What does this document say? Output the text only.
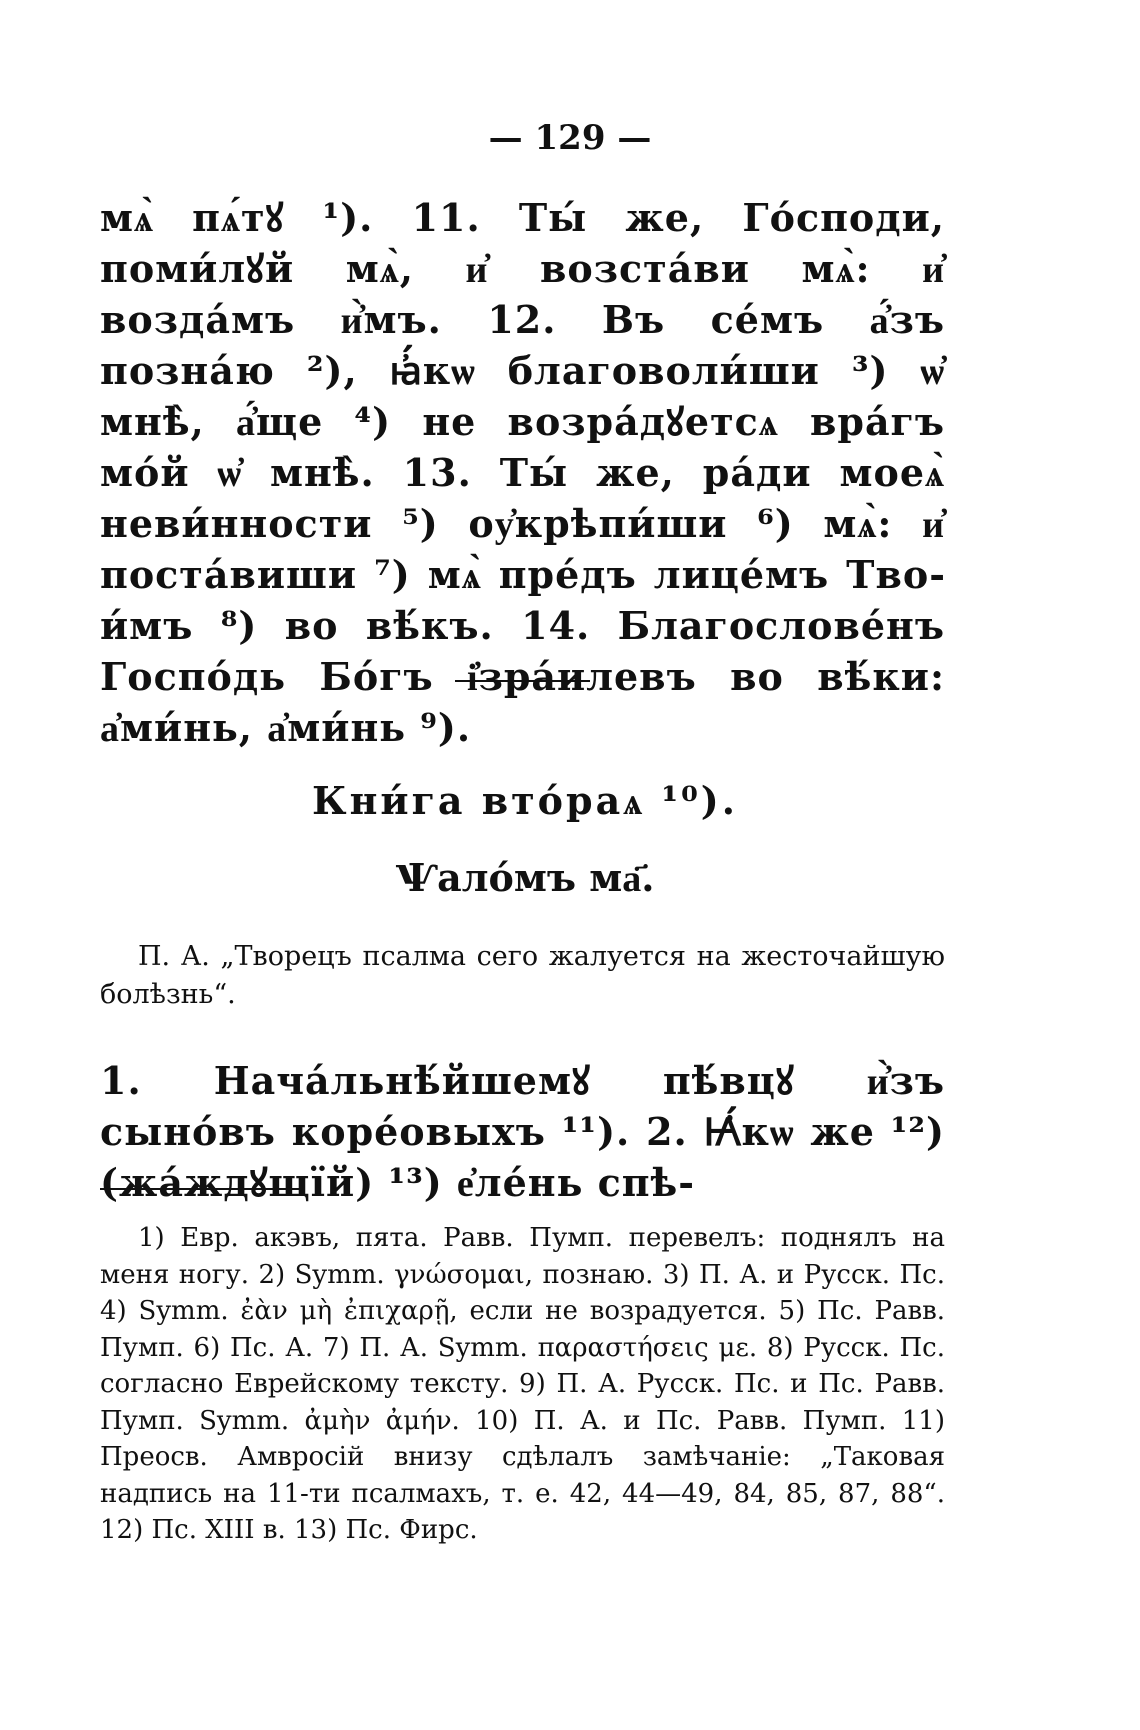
— 129 —
мѧ̀ пѧ́тꙋ ¹). 11. Ты́ же, Го́споди, поми́лꙋй мѧ̀, и҆ возста́ви мѧ̀: и҆ возда́мъ и҆̀мъ. 12. Въ се́мъ а҆́зъ позна́ю ²), ꙗ҆́кѡ благоволи́ши ³) ѡ҆ мнѣ̀, а҆́ще ⁴) не возра́дꙋетсѧ вра́гъ мо́й ѡ҆ мнѣ̀. 13. Ты́ же, ра́ди моеѧ̀ неви́нности ⁵) оу҆крѣпи́ши ⁶) мѧ̀: и҆ поста́виши ⁷) мѧ̀ пре́дъ лице́мъ Твои́мъ ⁸) во вѣ́къ. 14. Благослове́нъ Госпо́дь Бо́гъ і҆зра́илевъ во вѣ́ки: а҆ми́нь, а҆ми́нь ⁹).
Кни́га вто́раѧ ¹⁰).
Ѱало́мъ ма҃.
П. А. „Творецъ псалма сего жалуется на жесточайшую болѣзнь“.
1. Нача́льнѣ́йшемꙋ пѣ́вцꙋ и҆̀зъ сыно́въ коре́овыхъ ¹¹). 2. Ꙗ҆́кѡ же ¹²) (жа́ждꙋщїй) ¹³) е҆ле́нь спѣ-
1) Евр. акэвъ, пята. Равв. Пумп. перевелъ: поднялъ на меня ногу. 2) Symm. γνώσομαι, познаю. 3) П. А. и Русск. Пс. 4) Symm. ἐὰν μὴ ἐπιχαρῇ, если не возрадуется. 5) Пс. Равв. Пумп. 6) Пс. А. 7) П. А. Symm. παραστήσεις με. 8) Русск. Пс. согласно Еврейскому тексту. 9) П. А. Русск. Пс. и Пс. Равв. Пумп. Symm. ἀμὴν ἀμήν. 10) П. А. и Пс. Равв. Пумп. 11) Преосв. Амвросій внизу сдѣлалъ замѣчаніе: „Таковая надпись на 11-ти псалмахъ, т. е. 42, 44—49, 84, 85, 87, 88“. 12) Пс. XIII в. 13) Пс. Фирс.
